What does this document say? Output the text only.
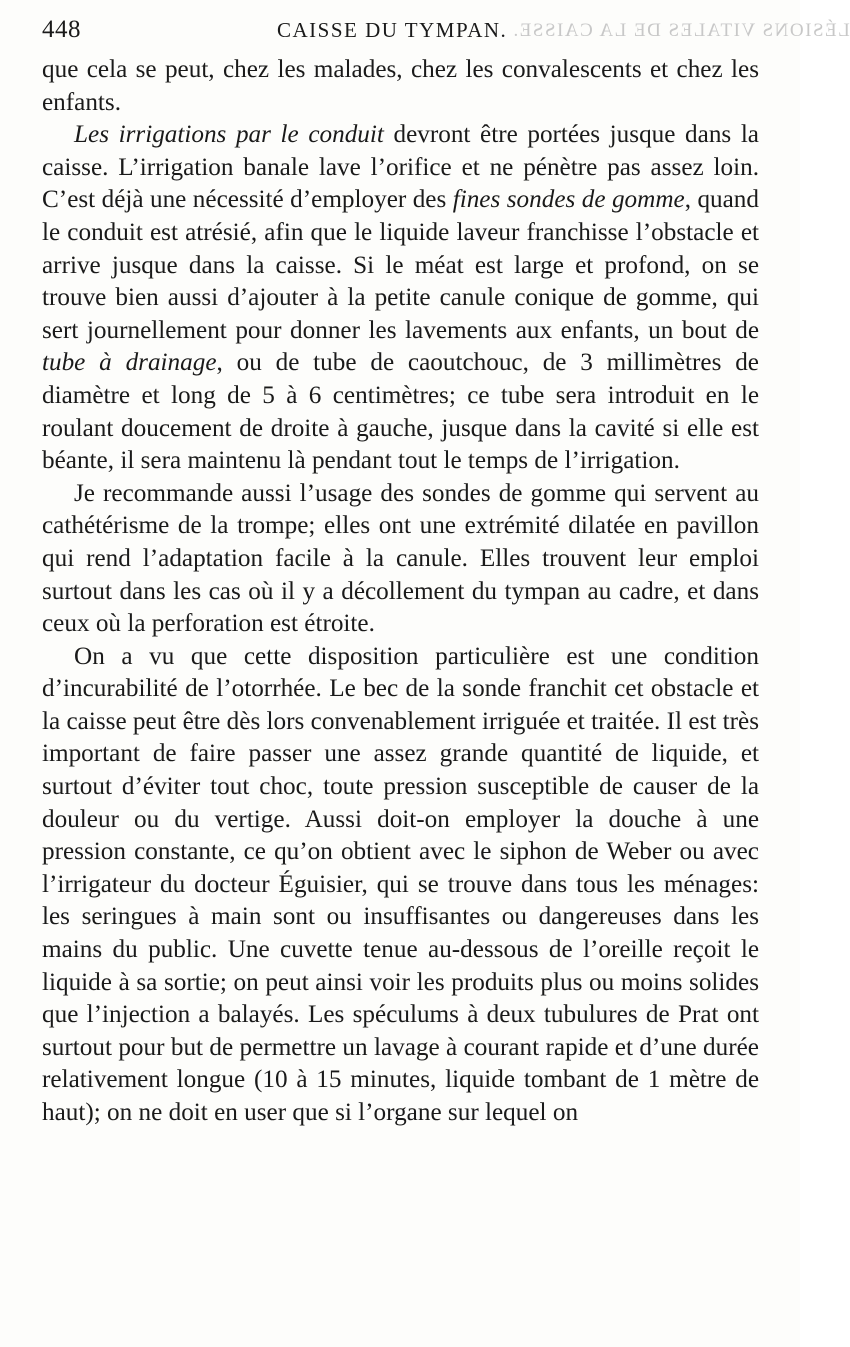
448	CAISSE DU TYMPAN. LÉSIONS VITALES DE LA CAISSE.

que cela se peut, chez les malades, chez les convalescents et chez les enfants.

Les irrigations par le conduit devront être portées jusque dans la caisse. L’irrigation banale lave l’orifice et ne pénètre pas assez loin. C’est déjà une nécessité d’employer des fines sondes de gomme, quand le conduit est atrésié, afin que le liquide laveur franchisse l’obstacle et arrive jusque dans la caisse. Si le méat est large et profond, on se trouve bien aussi d’ajouter à la petite canule conique de gomme, qui sert journellement pour donner les lavements aux enfants, un bout de tube à drainage, ou de tube de caoutchouc, de 3 millimètres de diamètre et long de 5 à 6 centimètres; ce tube sera introduit en le roulant doucement de droite à gauche, jusque dans la cavité si elle est béante, il sera maintenu là pendant tout le temps de l’irrigation.

Je recommande aussi l’usage des sondes de gomme qui servent au cathétérisme de la trompe; elles ont une extrémité dilatée en pavillon qui rend l’adaptation facile à la canule. Elles trouvent leur emploi surtout dans les cas où il y a décollement du tympan au cadre, et dans ceux où la perforation est étroite.

On a vu que cette disposition particulière est une condition d’incurabilité de l’otorrhée. Le bec de la sonde franchit cet obstacle et la caisse peut être dès lors convenablement irriguée et traitée. Il est très important de faire passer une assez grande quantité de liquide, et surtout d’éviter tout choc, toute pression susceptible de causer de la douleur ou du vertige. Aussi doit-on employer la douche à une pression constante, ce qu’on obtient avec le siphon de Weber ou avec l’irrigateur du docteur Éguisier, qui se trouve dans tous les ménages: les seringues à main sont ou insuffisantes ou dangereuses dans les mains du public. Une cuvette tenue au-dessous de l’oreille reçoit le liquide à sa sortie; on peut ainsi voir les produits plus ou moins solides que l’injection a balayés. Les spéculums à deux tubulures de Prat ont surtout pour but de permettre un lavage à courant rapide et d’une durée relativement longue (10 à 15 minutes, liquide tombant de 1 mètre de haut); on ne doit en user que si l’organe sur lequel on
